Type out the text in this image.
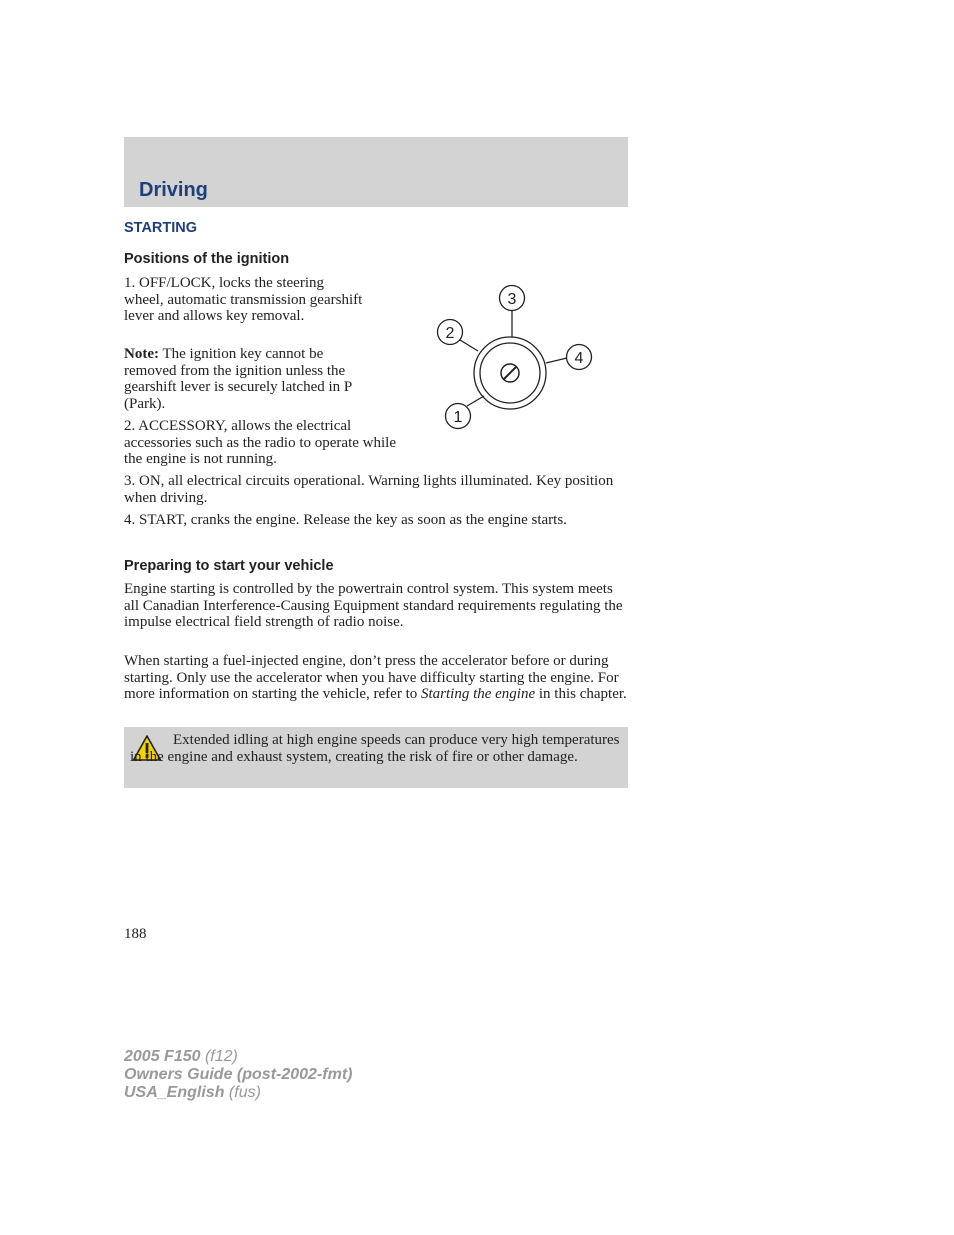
Driving
STARTING
Positions of the ignition

1. OFF/LOCK, locks the steering wheel, automatic transmission gearshift lever and allows key removal.

Note: The ignition key cannot be removed from the ignition unless the gearshift lever is securely latched in P (Park).

2. ACCESSORY, allows the electrical accessories such as the radio to operate while the engine is not running.

3
2
4
1

3. ON, all electrical circuits operational. Warning lights illuminated. Key position when driving.

4. START, cranks the engine. Release the key as soon as the engine starts.

Preparing to start your vehicle

Engine starting is controlled by the powertrain control system. This system meets all Canadian Interference-Causing Equipment standard requirements regulating the impulse electrical field strength of radio noise.

When starting a fuel-injected engine, don’t press the accelerator before or during starting. Only use the accelerator when you have difficulty starting the engine. For more information on starting the vehicle, refer to Starting the engine in this chapter.

Extended idling at high engine speeds can produce very high temperatures in the engine and exhaust system, creating the risk of fire or other damage.

188

2005 F150 (f12)
Owners Guide (post-2002-fmt)
USA_English (fus)
